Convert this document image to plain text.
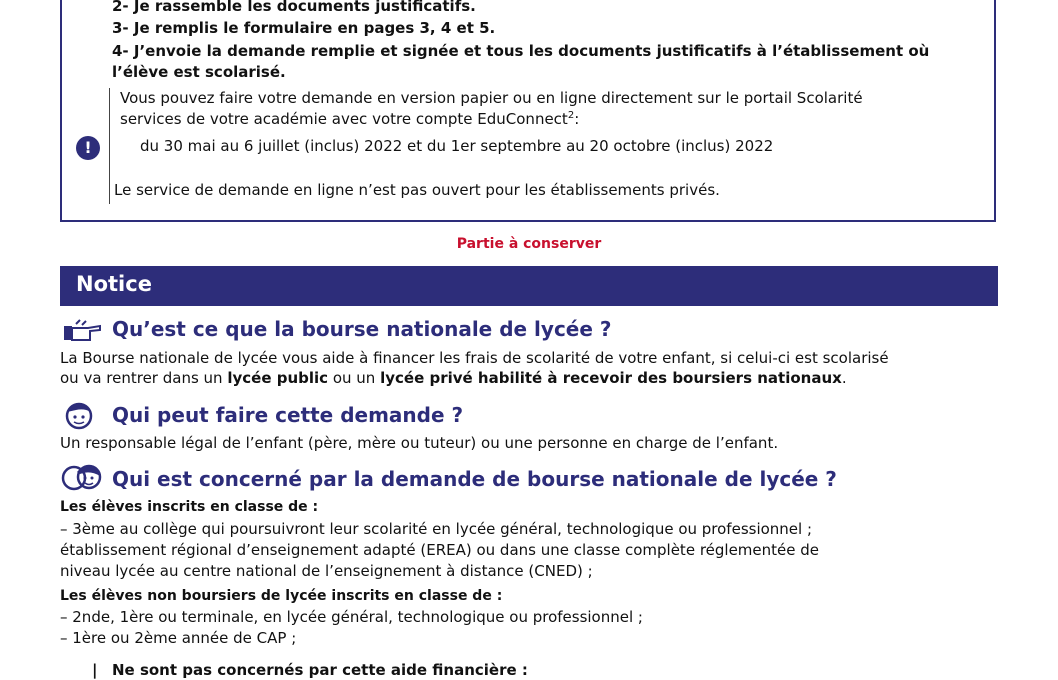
2- Je rassemble les documents justificatifs.
3- Je remplis le formulaire en pages 3, 4 et 5.
4- J’envoie la demande remplie et signée et tous les documents justificatifs à l’établissement où
l’élève est scolarisé.
!
Vous pouvez faire votre demande en version papier ou en ligne directement sur le portail Scolarité
services de votre académie avec votre compte EduConnect$^2$:
du 30 mai au 6 juillet (inclus) 2022 et du 1er septembre au 20 octobre (inclus) 2022
Le service de demande en ligne n’est pas ouvert pour les établissements privés.
Partie à conserver
Notice
Qu’est ce que la bourse nationale de lycée ?
La Bourse nationale de lycée vous aide à financer les frais de scolarité de votre enfant, si celui-ci est scolarisé
ou va rentrer dans un lycée public ou un lycée privé habilité à recevoir des boursiers nationaux.
Qui peut faire cette demande ?
Un responsable légal de l’enfant (père, mère ou tuteur) ou une personne en charge de l’enfant.
Qui est concerné par la demande de bourse nationale de lycée ?
Les élèves inscrits en classe de :
– 3ème au collège qui poursuivront leur scolarité en lycée général, technologique ou professionnel ;
établissement régional d’enseignement adapté (EREA) ou dans une classe complète réglementée de
niveau lycée au centre national de l’enseignement à distance (CNED) ;
Les élèves non boursiers de lycée inscrits en classe de :
– 2nde, 1ère ou terminale, en lycée général, technologique ou professionnel ;
– 1ère ou 2ème année de CAP ;
| Ne sont pas concernés par cette aide financière :
